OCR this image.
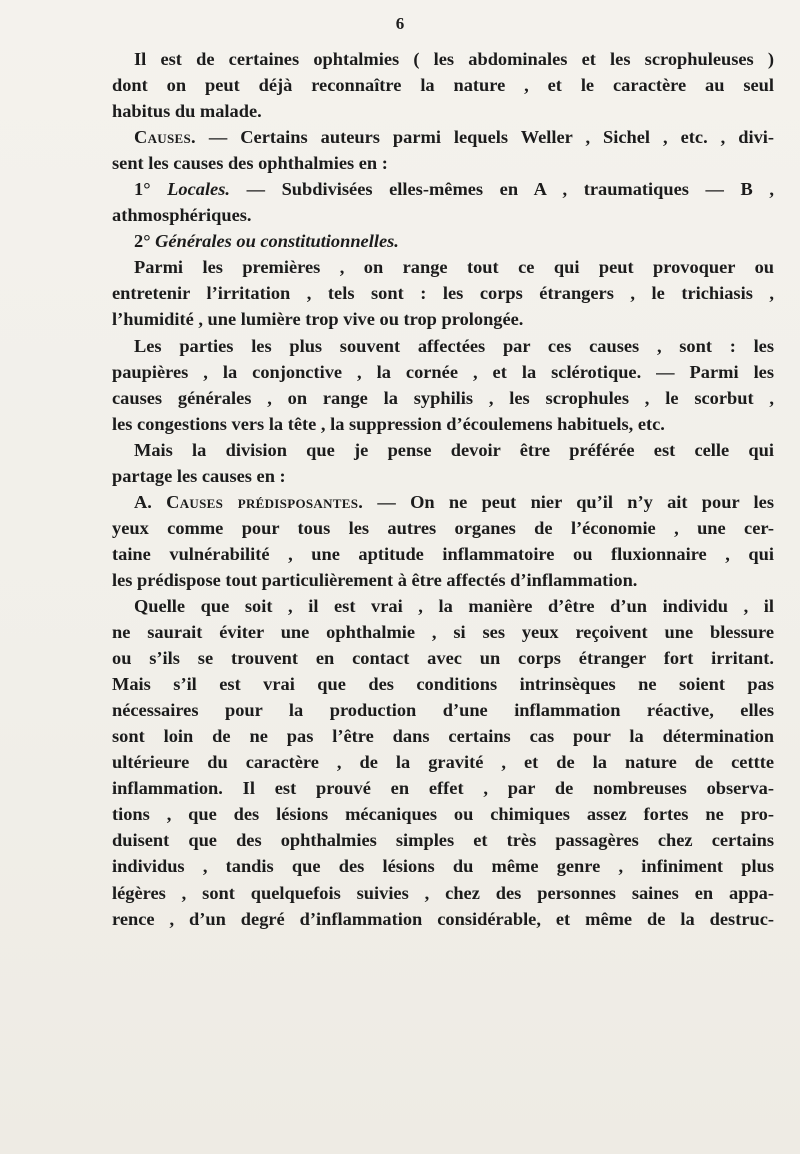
6
Il est de certaines ophtalmies ( les abdominales et les scrophuleuses )
dont on peut déjà reconnaître la nature , et le caractère au seul
habitus du malade.
Causes. — Certains auteurs parmi lequels Weller , Sichel , etc. , divi-
sent les causes des ophthalmies en :
1° Locales. — Subdivisées elles-mêmes en A , traumatiques — B ,
athmosphériques.
2° Générales ou constitutionnelles.
Parmi les premières , on range tout ce qui peut provoquer ou
entretenir l’irritation , tels sont : les corps étrangers , le trichiasis ,
l’humidité , une lumière trop vive ou trop prolongée.
Les parties les plus souvent affectées par ces causes , sont : les
paupières , la conjonctive , la cornée , et la sclérotique. — Parmi les
causes générales , on range la syphilis , les scrophules , le scorbut ,
les congestions vers la tête , la suppression d’écoulemens habituels, etc.
Mais la division que je pense devoir être préférée est celle qui
partage les causes en :
A. Causes prédisposantes. — On ne peut nier qu’il n’y ait pour les
yeux comme pour tous les autres organes de l’économie , une cer-
taine vulnérabilité , une aptitude inflammatoire ou fluxionnaire , qui
les prédispose tout particulièrement à être affectés d’inflammation.
Quelle que soit , il est vrai , la manière d’être d’un individu , il
ne saurait éviter une ophthalmie , si ses yeux reçoivent une blessure
ou s’ils se trouvent en contact avec un corps étranger fort irritant.
Mais s’il est vrai que des conditions intrinsèques ne soient pas
nécessaires pour la production d’une inflammation réactive, elles
sont loin de ne pas l’être dans certains cas pour la détermination
ultérieure du caractère , de la gravité , et de la nature de cettte
inflammation. Il est prouvé en effet , par de nombreuses observa-
tions , que des lésions mécaniques ou chimiques assez fortes ne pro-
duisent que des ophthalmies simples et très passagères chez certains
individus , tandis que des lésions du même genre , infiniment plus
légères , sont quelquefois suivies , chez des personnes saines en appa-
rence , d’un degré d’inflammation considérable, et même de la destruc-
